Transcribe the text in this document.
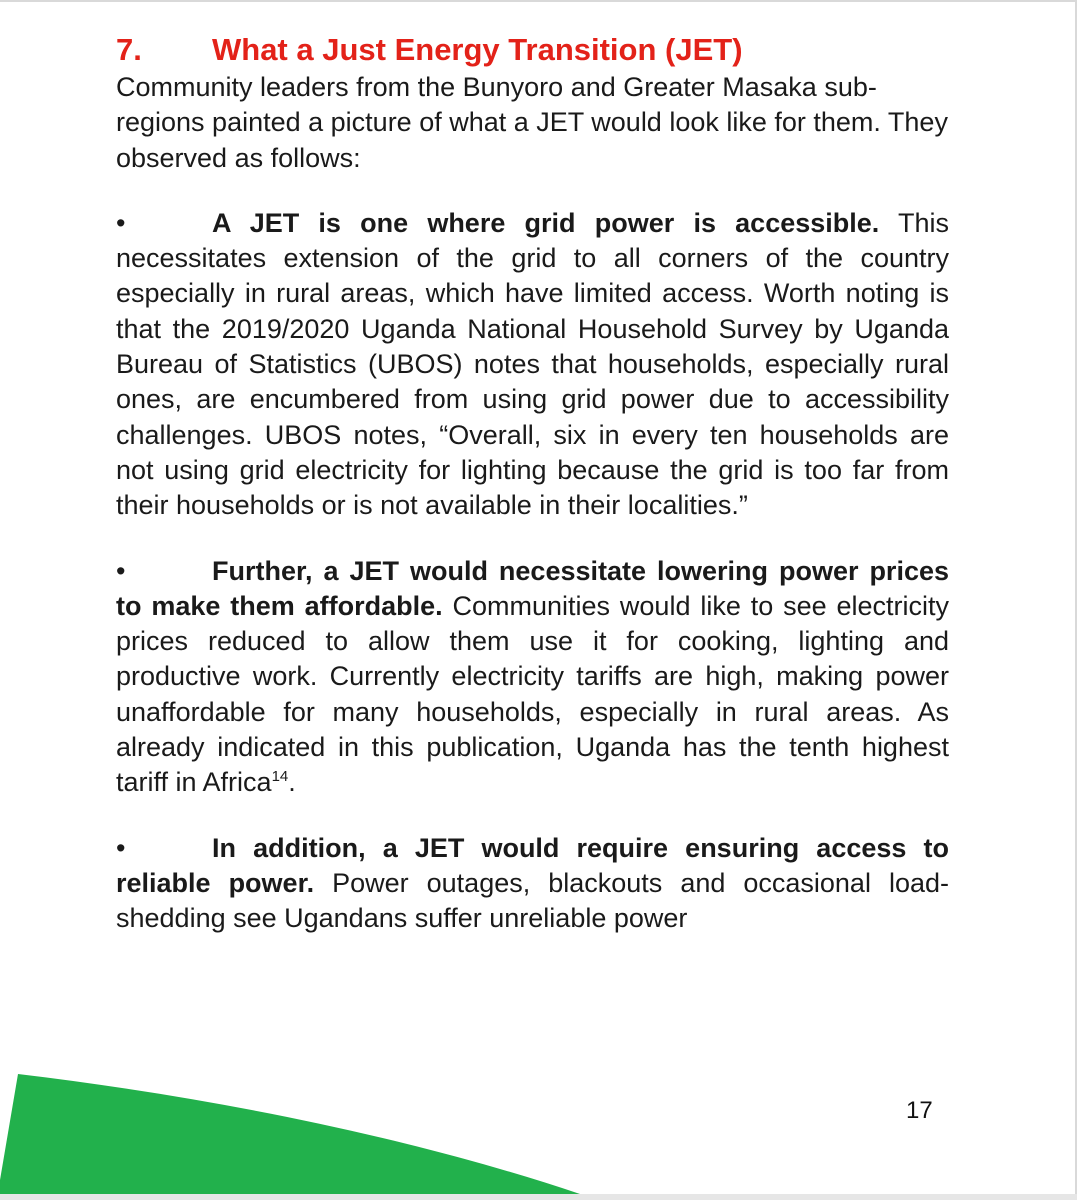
7.	What a Just Energy Transition (JET)

Community leaders from the Bunyoro and Greater Masaka sub-regions painted a picture of what a JET would look like for them. They observed as follows:

•	A JET is one where grid power is accessible. This necessitates extension of the grid to all corners of the country especially in rural areas, which have limited access. Worth noting is that the 2019/2020 Uganda National Household Survey by Uganda Bureau of Statistics (UBOS) notes that households, especially rural ones, are encumbered from using grid power due to accessibility challenges. UBOS notes, “Overall, six in every ten households are not using grid electricity for lighting because the grid is too far from their households or is not available in their localities.”

•	Further, a JET would necessitate lowering power prices to make them affordable. Communities would like to see electricity prices reduced to allow them use it for cooking, lighting and productive work. Currently electricity tariffs are high, making power unaffordable for many households, especially in rural areas. As already indicated in this publication, Uganda has the tenth highest tariff in Africa$^{14}$.

•	In addition, a JET would require ensuring access to reliable power. Power outages, blackouts and occasional load-shedding see Ugandans suffer unreliable power

17
